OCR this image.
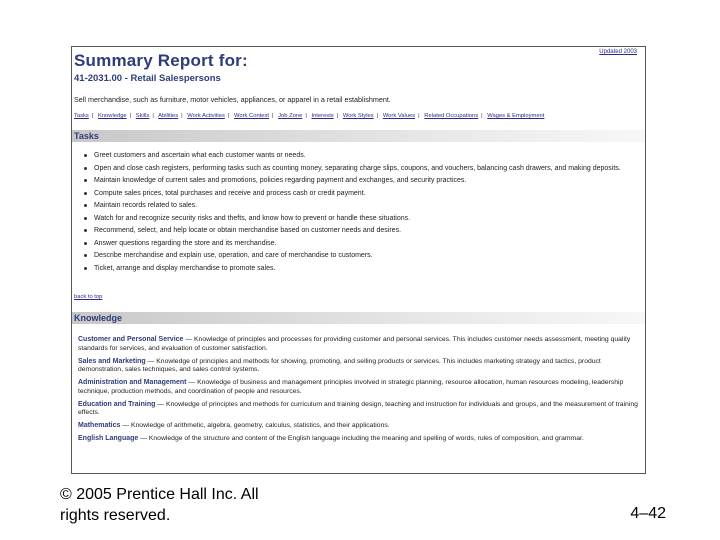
Updated 2003
Summary Report for:
41-2031.00 - Retail Salespersons
Sell merchandise, such as furniture, motor vehicles, appliances, or apparel in a retail establishment.
Tasks | Knowledge | Skills | Abilities | Work Activities | Work Context | Job Zone | Interests | Work Styles | Work Values | Related Occupations | Wages & Employment
Tasks
Greet customers and ascertain what each customer wants or needs.
Open and close cash registers, performing tasks such as counting money, separating charge slips, coupons, and vouchers, balancing cash drawers, and making deposits.
Maintain knowledge of current sales and promotions, policies regarding payment and exchanges, and security practices.
Compute sales prices, total purchases and receive and process cash or credit payment.
Maintain records related to sales.
Watch for and recognize security risks and thefts, and know how to prevent or handle these situations.
Recommend, select, and help locate or obtain merchandise based on customer needs and desires.
Answer questions regarding the store and its merchandise.
Describe merchandise and explain use, operation, and care of merchandise to customers.
Ticket, arrange and display merchandise to promote sales.
back to top
Knowledge
Customer and Personal Service — Knowledge of principles and processes for providing customer and personal services. This includes customer needs assessment, meeting quality standards for services, and evaluation of customer satisfaction.
Sales and Marketing — Knowledge of principles and methods for showing, promoting, and selling products or services. This includes marketing strategy and tactics, product demonstration, sales techniques, and sales control systems.
Administration and Management — Knowledge of business and management principles involved in strategic planning, resource allocation, human resources modeling, leadership technique, production methods, and coordination of people and resources.
Education and Training — Knowledge of principles and methods for curriculum and training design, teaching and instruction for individuals and groups, and the measurement of training effects.
Mathematics — Knowledge of arithmetic, algebra, geometry, calculus, statistics, and their applications.
English Language — Knowledge of the structure and content of the English language including the meaning and spelling of words, rules of composition, and grammar.
© 2005 Prentice Hall Inc. All
rights reserved.	4–42
